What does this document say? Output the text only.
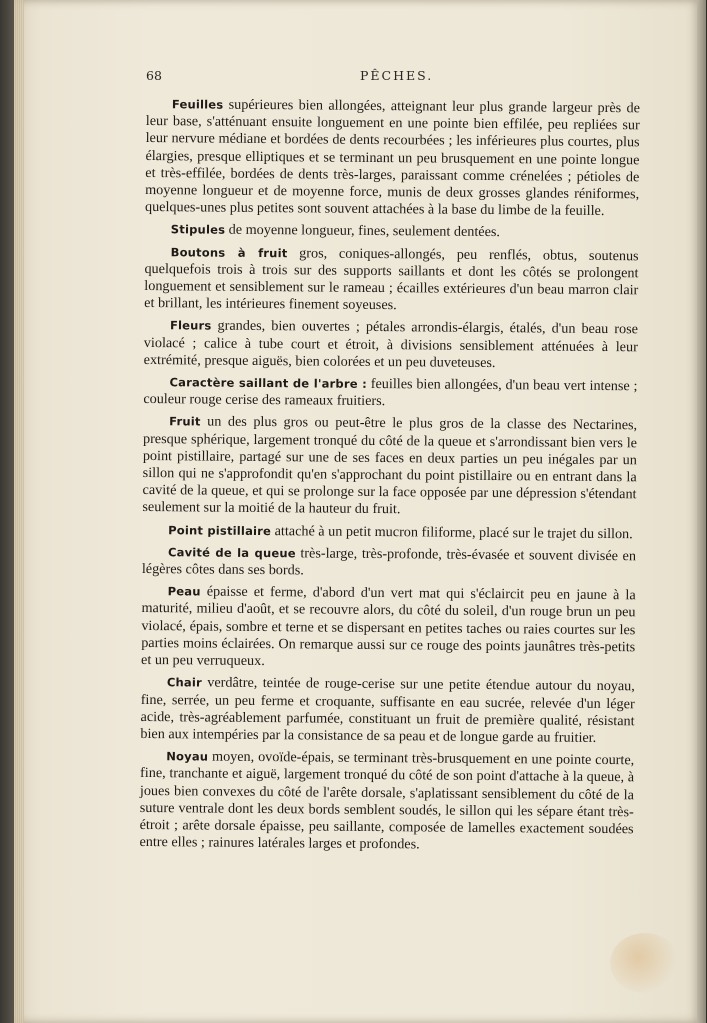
68	PÊCHES.

Feuilles supérieures bien allongées, atteignant leur plus grande largeur près de leur base, s'atténuant ensuite longuement en une pointe bien effilée, peu repliées sur leur nervure médiane et bordées de dents recourbées ; les inférieures plus courtes, plus élargies, presque elliptiques et se terminant un peu brusquement en une pointe longue et très-effilée, bordées de dents très-larges, paraissant comme crénelées ; pétioles de moyenne longueur et de moyenne force, munis de deux grosses glandes réniformes, quelques-unes plus petites sont souvent attachées à la base du limbe de la feuille.

Stipules de moyenne longueur, fines, seulement dentées.

Boutons à fruit gros, coniques-allongés, peu renflés, obtus, soutenus quelquefois trois à trois sur des supports saillants et dont les côtés se prolongent longuement et sensiblement sur le rameau ; écailles extérieures d'un beau marron clair et brillant, les intérieures finement soyeuses.

Fleurs grandes, bien ouvertes ; pétales arrondis-élargis, étalés, d'un beau rose violacé ; calice à tube court et étroit, à divisions sensiblement atténuées à leur extrémité, presque aiguës, bien colorées et un peu duveteuses.

Caractère saillant de l'arbre : feuilles bien allongées, d'un beau vert intense ; couleur rouge cerise des rameaux fruitiers.

Fruit un des plus gros ou peut-être le plus gros de la classe des Nectarines, presque sphérique, largement tronqué du côté de la queue et s'arrondissant bien vers le point pistillaire, partagé sur une de ses faces en deux parties un peu inégales par un sillon qui ne s'approfondit qu'en s'approchant du point pistillaire ou en entrant dans la cavité de la queue, et qui se prolonge sur la face opposée par une dépression s'étendant seulement sur la moitié de la hauteur du fruit.

Point pistillaire attaché à un petit mucron filiforme, placé sur le trajet du sillon.

Cavité de la queue très-large, très-profonde, très-évasée et souvent divisée en légères côtes dans ses bords.

Peau épaisse et ferme, d'abord d'un vert mat qui s'éclaircit peu en jaune à la maturité, milieu d'août, et se recouvre alors, du côté du soleil, d'un rouge brun un peu violacé, épais, sombre et terne et se dispersant en petites taches ou raies courtes sur les parties moins éclairées. On remarque aussi sur ce rouge des points jaunâtres très-petits et un peu verruqueux.

Chair verdâtre, teintée de rouge-cerise sur une petite étendue autour du noyau, fine, serrée, un peu ferme et croquante, suffisante en eau sucrée, relevée d'un léger acide, très-agréablement parfumée, constituant un fruit de première qualité, résistant bien aux intempéries par la consistance de sa peau et de longue garde au fruitier.

Noyau moyen, ovoïde-épais, se terminant très-brusquement en une pointe courte, fine, tranchante et aiguë, largement tronqué du côté de son point d'attache à la queue, à joues bien convexes du côté de l'arête dorsale, s'aplatissant sensiblement du côté de la suture ventrale dont les deux bords semblent soudés, le sillon qui les sépare étant très-étroit ; arête dorsale épaisse, peu saillante, composée de lamelles exactement soudées entre elles ; rainures latérales larges et profondes.
